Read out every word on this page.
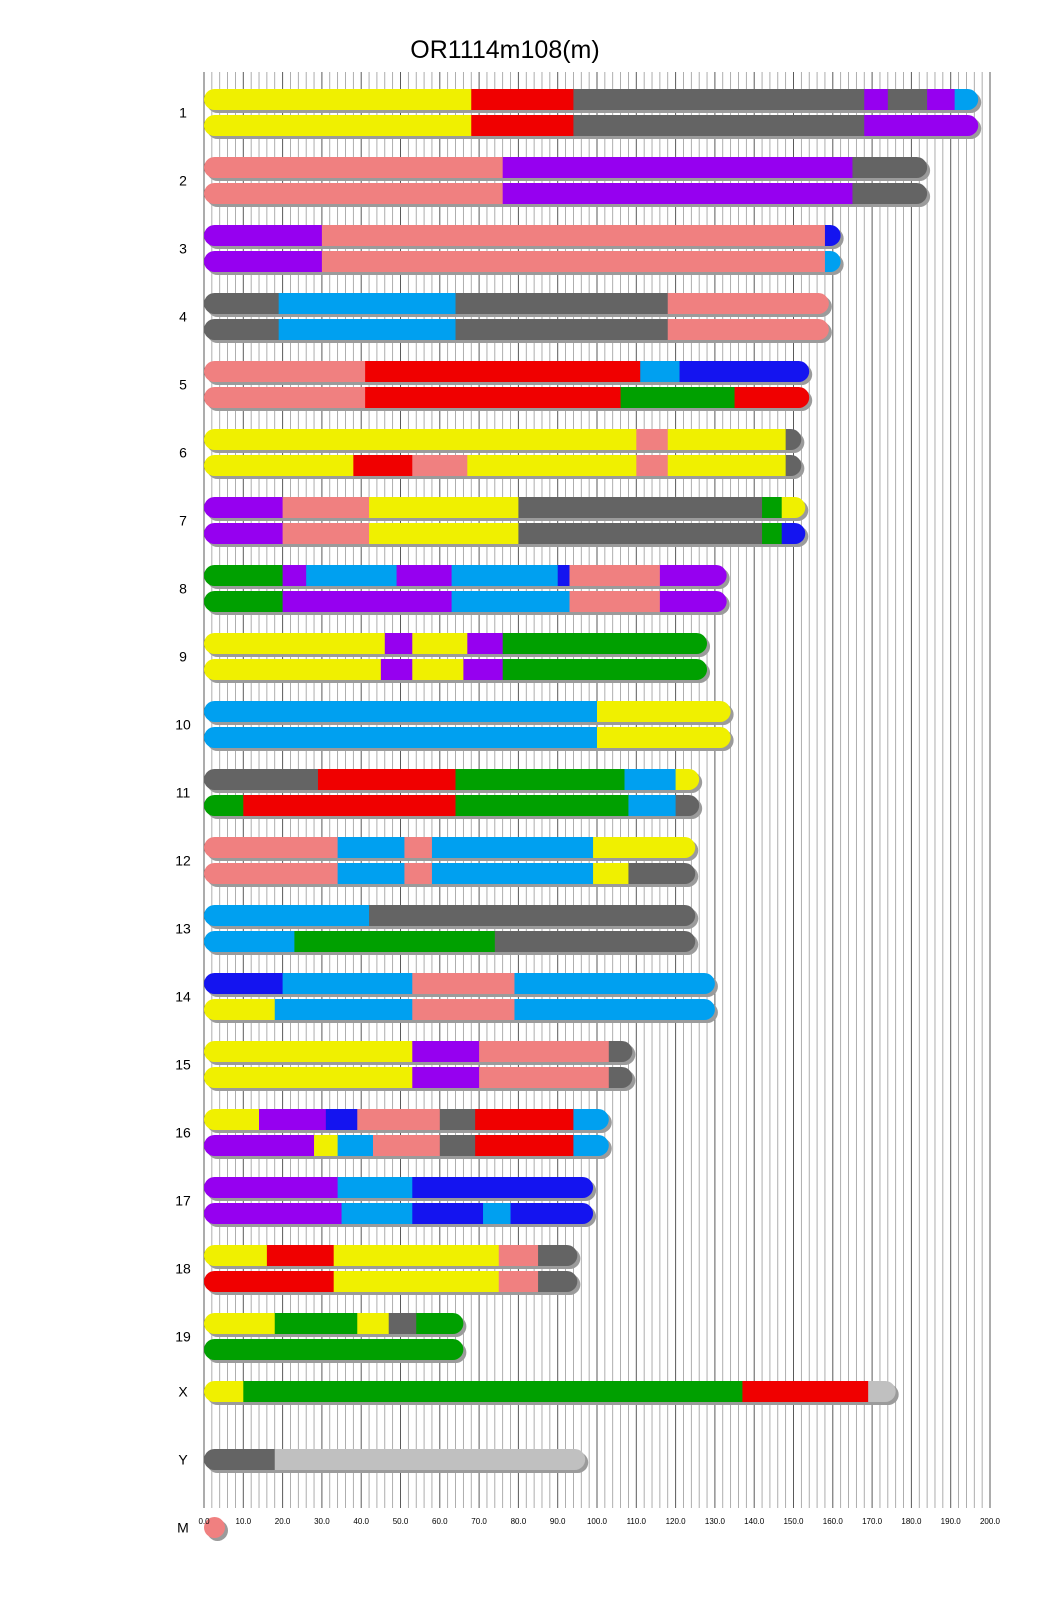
OR1114m108(m)
1
2
3
4
5
6
7
8
9
10
11
12
13
14
15
16
17
18
19
X
Y
M 0.0	10.0	20.0	30.0	40.0	50.0	60.0	70.0	80.0	90.0	100.0 110.0 120.0 130.0 140.0 150.0 160.0 170.0 180.0 190.0 200.0
